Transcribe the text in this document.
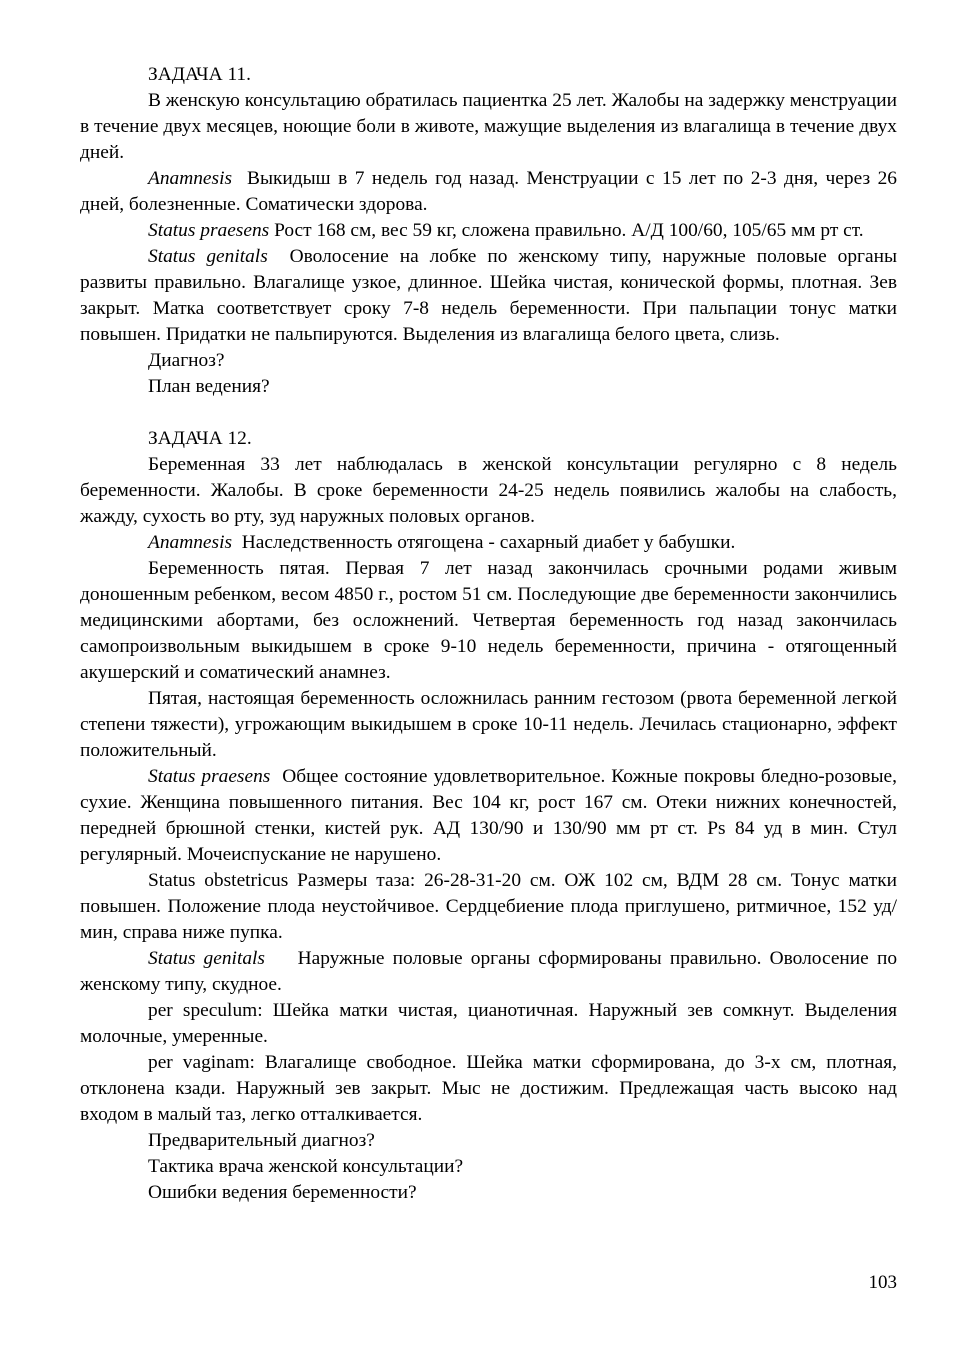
ЗАДАЧА 11.

В женскую консультацию обратилась пациентка 25 лет. Жалобы на задержку менструации в течение двух месяцев, ноющие боли в животе, мажущие выделения из влагалища в течение двух дней.

Anamnesis Выкидыш в 7 недель год назад. Менструации с 15 лет по 2-3 дня, через 26 дней, болезненные. Соматически здорова.

Status praesens Рост 168 см, вес 59 кг, сложена правильно. А/Д 100/60, 105/65 мм рт ст.

Status genitals Оволосение на лобке по женскому типу, наружные половые органы развиты правильно. Влагалище узкое, длинное. Шейка чистая, конической формы, плотная. Зев закрыт. Матка соответствует сроку 7-8 недель беременности. При пальпации тонус матки повышен. Придатки не пальпируются. Выделения из влагалища белого цвета, слизь.

Диагноз?

План ведения?

ЗАДАЧА 12.

Беременная 33 лет наблюдалась в женской консультации регулярно с 8 недель беременности. Жалобы. В сроке беременности 24-25 недель появились жалобы на слабость, жажду, сухость во рту, зуд наружных половых органов.

Anamnesis Наследственность отягощена - сахарный диабет у бабушки.

Беременность пятая. Первая 7 лет назад закончилась срочными родами живым доношенным ребенком, весом 4850 г., ростом 51 см. Последующие две беременности закончились медицинскими абортами, без осложнений. Четвертая беременность год назад закончилась самопроизвольным выкидышем в сроке 9-10 недель беременности, причина - отягощенный акушерский и соматический анамнез.

Пятая, настоящая беременность осложнилась ранним гестозом (рвота беременной легкой степени тяжести), угрожающим выкидышем в сроке 10-11 недель. Лечилась стационарно, эффект положительный.

Status praesens Общее состояние удовлетворительное. Кожные покровы бледно-розовые, сухие. Женщина повышенного питания. Вес 104 кг, рост 167 см. Отеки нижних конечностей, передней брюшной стенки, кистей рук. АД 130/90 и 130/90 мм рт ст. Ps 84 уд в мин. Стул регулярный. Мочеиспускание не нарушено.

Status obstetricus Размеры таза: 26-28-31-20 см. ОЖ 102 см, ВДМ 28 см. Тонус матки повышен. Положение плода неустойчивое. Сердцебиение плода приглушено, ритмичное, 152 уд/мин, справа ниже пупка.

Status genitals Наружные половые органы сформированы правильно. Оволосение по женскому типу, скудное.

per speculum: Шейка матки чистая, цианотичная. Наружный зев сомкнут. Выделения молочные, умеренные.

per vaginam: Влагалище свободное. Шейка матки сформирована, до 3-х см, плотная, отклонена кзади. Наружный зев закрыт. Мыс не достижим. Предлежащая часть высоко над входом в малый таз, легко отталкивается.

Предварительный диагноз?

Тактика врача женской консультации?

Ошибки ведения беременности?

103
